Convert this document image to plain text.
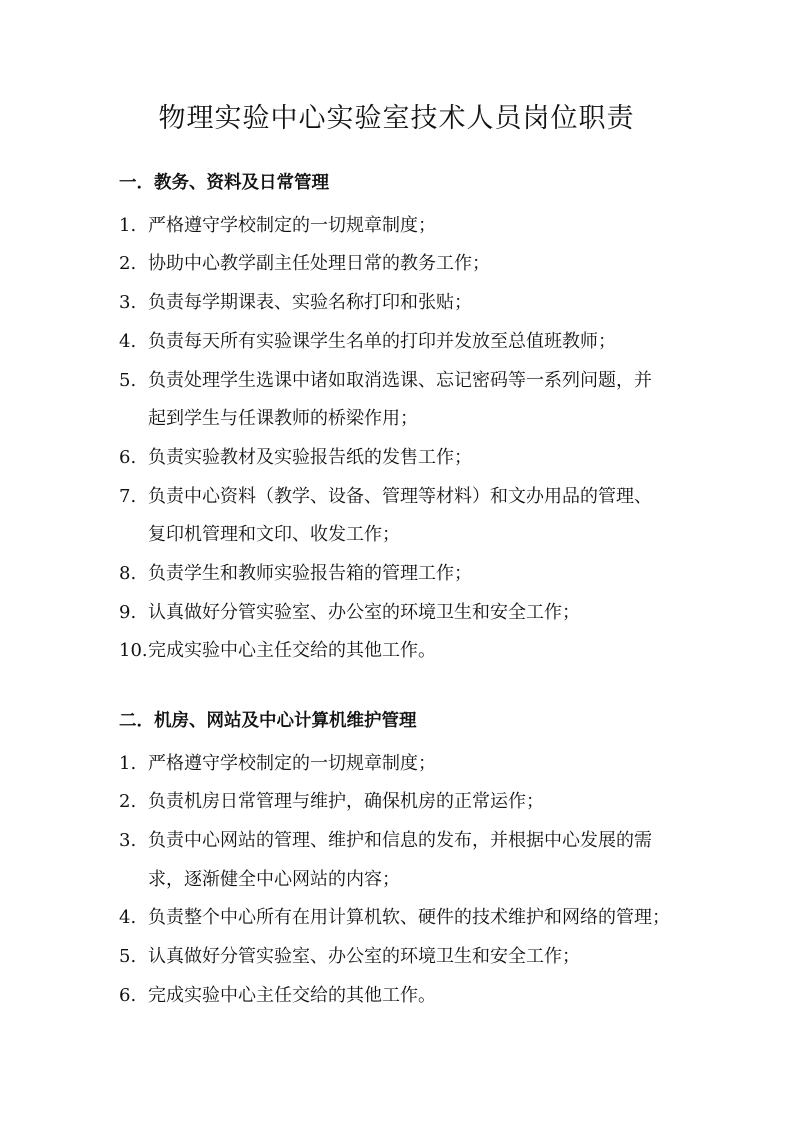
物理实验中心实验室技术人员岗位职责
一．教务、资料及日常管理
1. 严格遵守学校制定的一切规章制度；
2. 协助中心教学副主任处理日常的教务工作；
3. 负责每学期课表、实验名称打印和张贴；
4. 负责每天所有实验课学生名单的打印并发放至总值班教师；
5. 负责处理学生选课中诸如取消选课、忘记密码等一系列问题，并
起到学生与任课教师的桥梁作用；
6. 负责实验教材及实验报告纸的发售工作；
7. 负责中心资料（教学、设备、管理等材料）和文办用品的管理、
复印机管理和文印、收发工作；
8. 负责学生和教师实验报告箱的管理工作；
9. 认真做好分管实验室、办公室的环境卫生和安全工作；
10. 完成实验中心主任交给的其他工作。
二．机房、网站及中心计算机维护管理
1. 严格遵守学校制定的一切规章制度；
2. 负责机房日常管理与维护，确保机房的正常运作；
3. 负责中心网站的管理、维护和信息的发布，并根据中心发展的需
求，逐渐健全中心网站的内容；
4. 负责整个中心所有在用计算机软、硬件的技术维护和网络的管理；
5. 认真做好分管实验室、办公室的环境卫生和安全工作；
6. 完成实验中心主任交给的其他工作。
